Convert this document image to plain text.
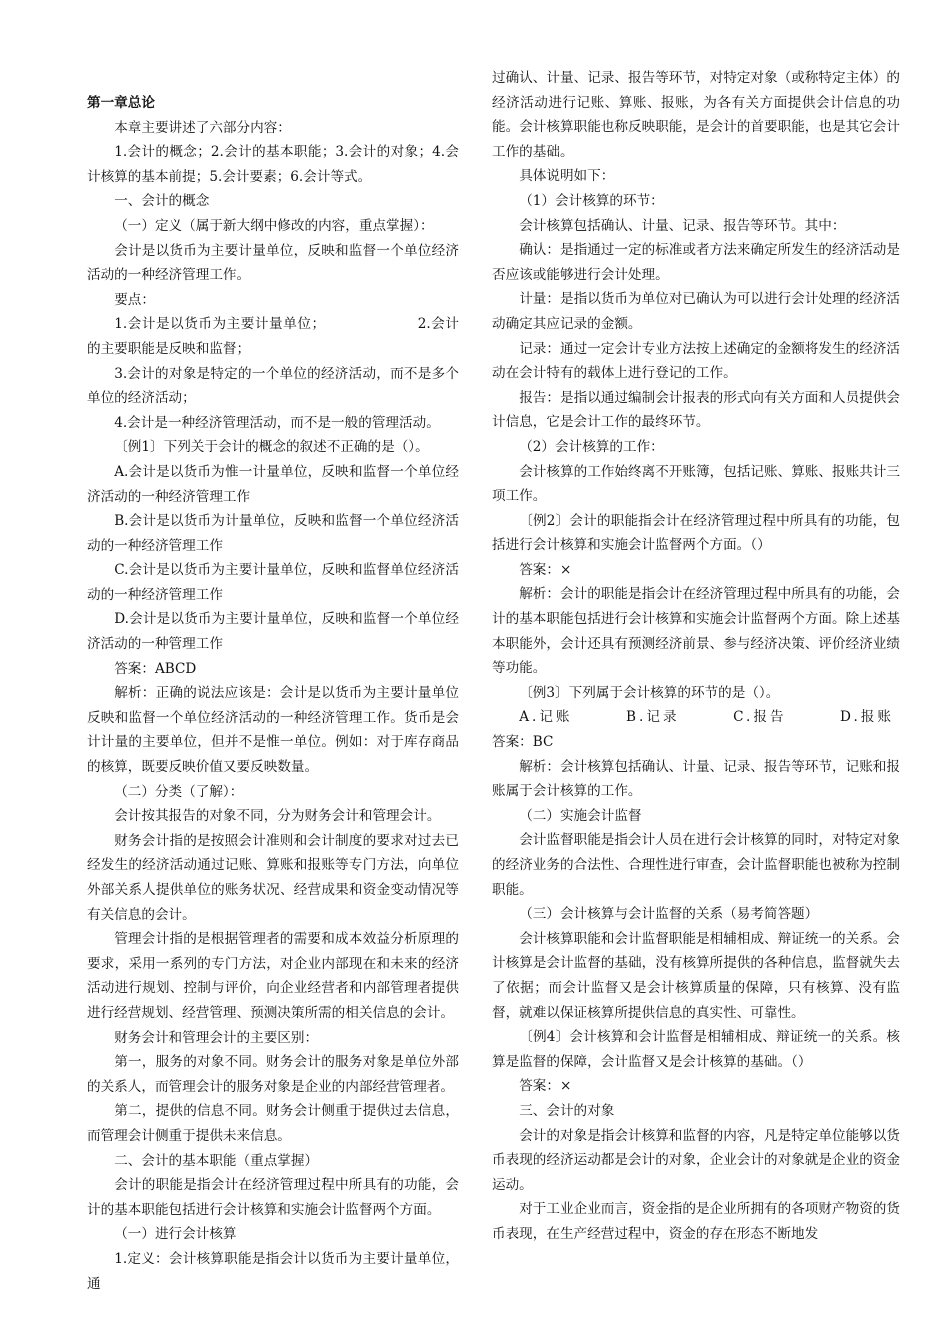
第一章总论

本章主要讲述了六部分内容：

1.会计的概念；2.会计的基本职能；3.会计的对象；4.会计核算的基本前提；5.会计要素；6.会计等式。

一、会计的概念

（一）定义（属于新大纲中修改的内容，重点掌握）：

会计是以货币为主要计量单位，反映和监督一个单位经济活动的一种经济管理工作。

要点：

1.会计是以货币为主要计量单位；　　　　　　　2.会计的主要职能是反映和监督；

3.会计的对象是特定的一个单位的经济活动，而不是多个单位的经济活动；

4.会计是一种经济管理活动，而不是一般的管理活动。

〔例1〕下列关于会计的概念的叙述不正确的是（）。

A.会计是以货币为惟一计量单位，反映和监督一个单位经济活动的一种经济管理工作

B.会计是以货币为计量单位，反映和监督一个单位经济活动的一种经济管理工作

C.会计是以货币为主要计量单位，反映和监督单位经济活动的一种经济管理工作

D.会计是以货币为主要计量单位，反映和监督一个单位经济活动的一种管理工作

答案：ABCD

解析：正确的说法应该是：会计是以货币为主要计量单位反映和监督一个单位经济活动的一种经济管理工作。货币是会计计量的主要单位，但并不是惟一单位。例如：对于库存商品的核算，既要反映价值又要反映数量。

（二）分类（了解）：

会计按其报告的对象不同，分为财务会计和管理会计。

财务会计指的是按照会计准则和会计制度的要求对过去已经发生的经济活动通过记账、算账和报账等专门方法，向单位外部关系人提供单位的账务状况、经营成果和资金变动情况等有关信息的会计。

管理会计指的是根据管理者的需要和成本效益分析原理的要求，采用一系列的专门方法，对企业内部现在和未来的经济活动进行规划、控制与评价，向企业经营者和内部管理者提供进行经营规划、经营管理、预测决策所需的相关信息的会计。

财务会计和管理会计的主要区别：

第一，服务的对象不同。财务会计的服务对象是单位外部的关系人，而管理会计的服务对象是企业的内部经营管理者。

第二，提供的信息不同。财务会计侧重于提供过去信息，而管理会计侧重于提供未来信息。

二、会计的基本职能（重点掌握）

会计的职能是指会计在经济管理过程中所具有的功能，会计的基本职能包括进行会计核算和实施会计监督两个方面。

（一）进行会计核算

1.定义：会计核算职能是指会计以货币为主要计量单位，通

过确认、计量、记录、报告等环节，对特定对象（或称特定主体）的经济活动进行记账、算账、报账，为各有关方面提供会计信息的功能。会计核算职能也称反映职能，是会计的首要职能，也是其它会计工作的基础。

具体说明如下：

（1）会计核算的环节：

会计核算包括确认、计量、记录、报告等环节。其中：

确认：是指通过一定的标准或者方法来确定所发生的经济活动是否应该或能够进行会计处理。

计量：是指以货币为单位对已确认为可以进行会计处理的经济活动确定其应记录的金额。

记录：通过一定会计专业方法按上述确定的金额将发生的经济活动在会计特有的载体上进行登记的工作。

报告：是指以通过编制会计报表的形式向有关方面和人员提供会计信息，它是会计工作的最终环节。

（2）会计核算的工作：

会计核算的工作始终离不开账簿，包括记账、算账、报账共计三项工作。

〔例2〕会计的职能指会计在经济管理过程中所具有的功能，包括进行会计核算和实施会计监督两个方面。（）

答案：×

解析：会计的职能是指会计在经济管理过程中所具有的功能，会计的基本职能包括进行会计核算和实施会计监督两个方面。除上述基本职能外，会计还具有预测经济前景、参与经济决策、评价经济业绩等功能。

〔例3〕下列属于会计核算的环节的是（）。

A.记账	B.记录	C.报告	D.报账

答案：BC

解析：会计核算包括确认、计量、记录、报告等环节，记账和报账属于会计核算的工作。

（二）实施会计监督

会计监督职能是指会计人员在进行会计核算的同时，对特定对象的经济业务的合法性、合理性进行审查，会计监督职能也被称为控制职能。

（三）会计核算与会计监督的关系（易考简答题）

会计核算职能和会计监督职能是相辅相成、辩证统一的关系。会计核算是会计监督的基础，没有核算所提供的各种信息，监督就失去了依据；而会计监督又是会计核算质量的保障，只有核算、没有监督，就难以保证核算所提供信息的真实性、可靠性。

〔例4〕会计核算和会计监督是相辅相成、辩证统一的关系。核算是监督的保障，会计监督又是会计核算的基础。（）

答案：×

三、会计的对象

会计的对象是指会计核算和监督的内容，凡是特定单位能够以货币表现的经济运动都是会计的对象，企业会计的对象就是企业的资金运动。

对于工业企业而言，资金指的是企业所拥有的各项财产物资的货币表现，在生产经营过程中，资金的存在形态不断地发
